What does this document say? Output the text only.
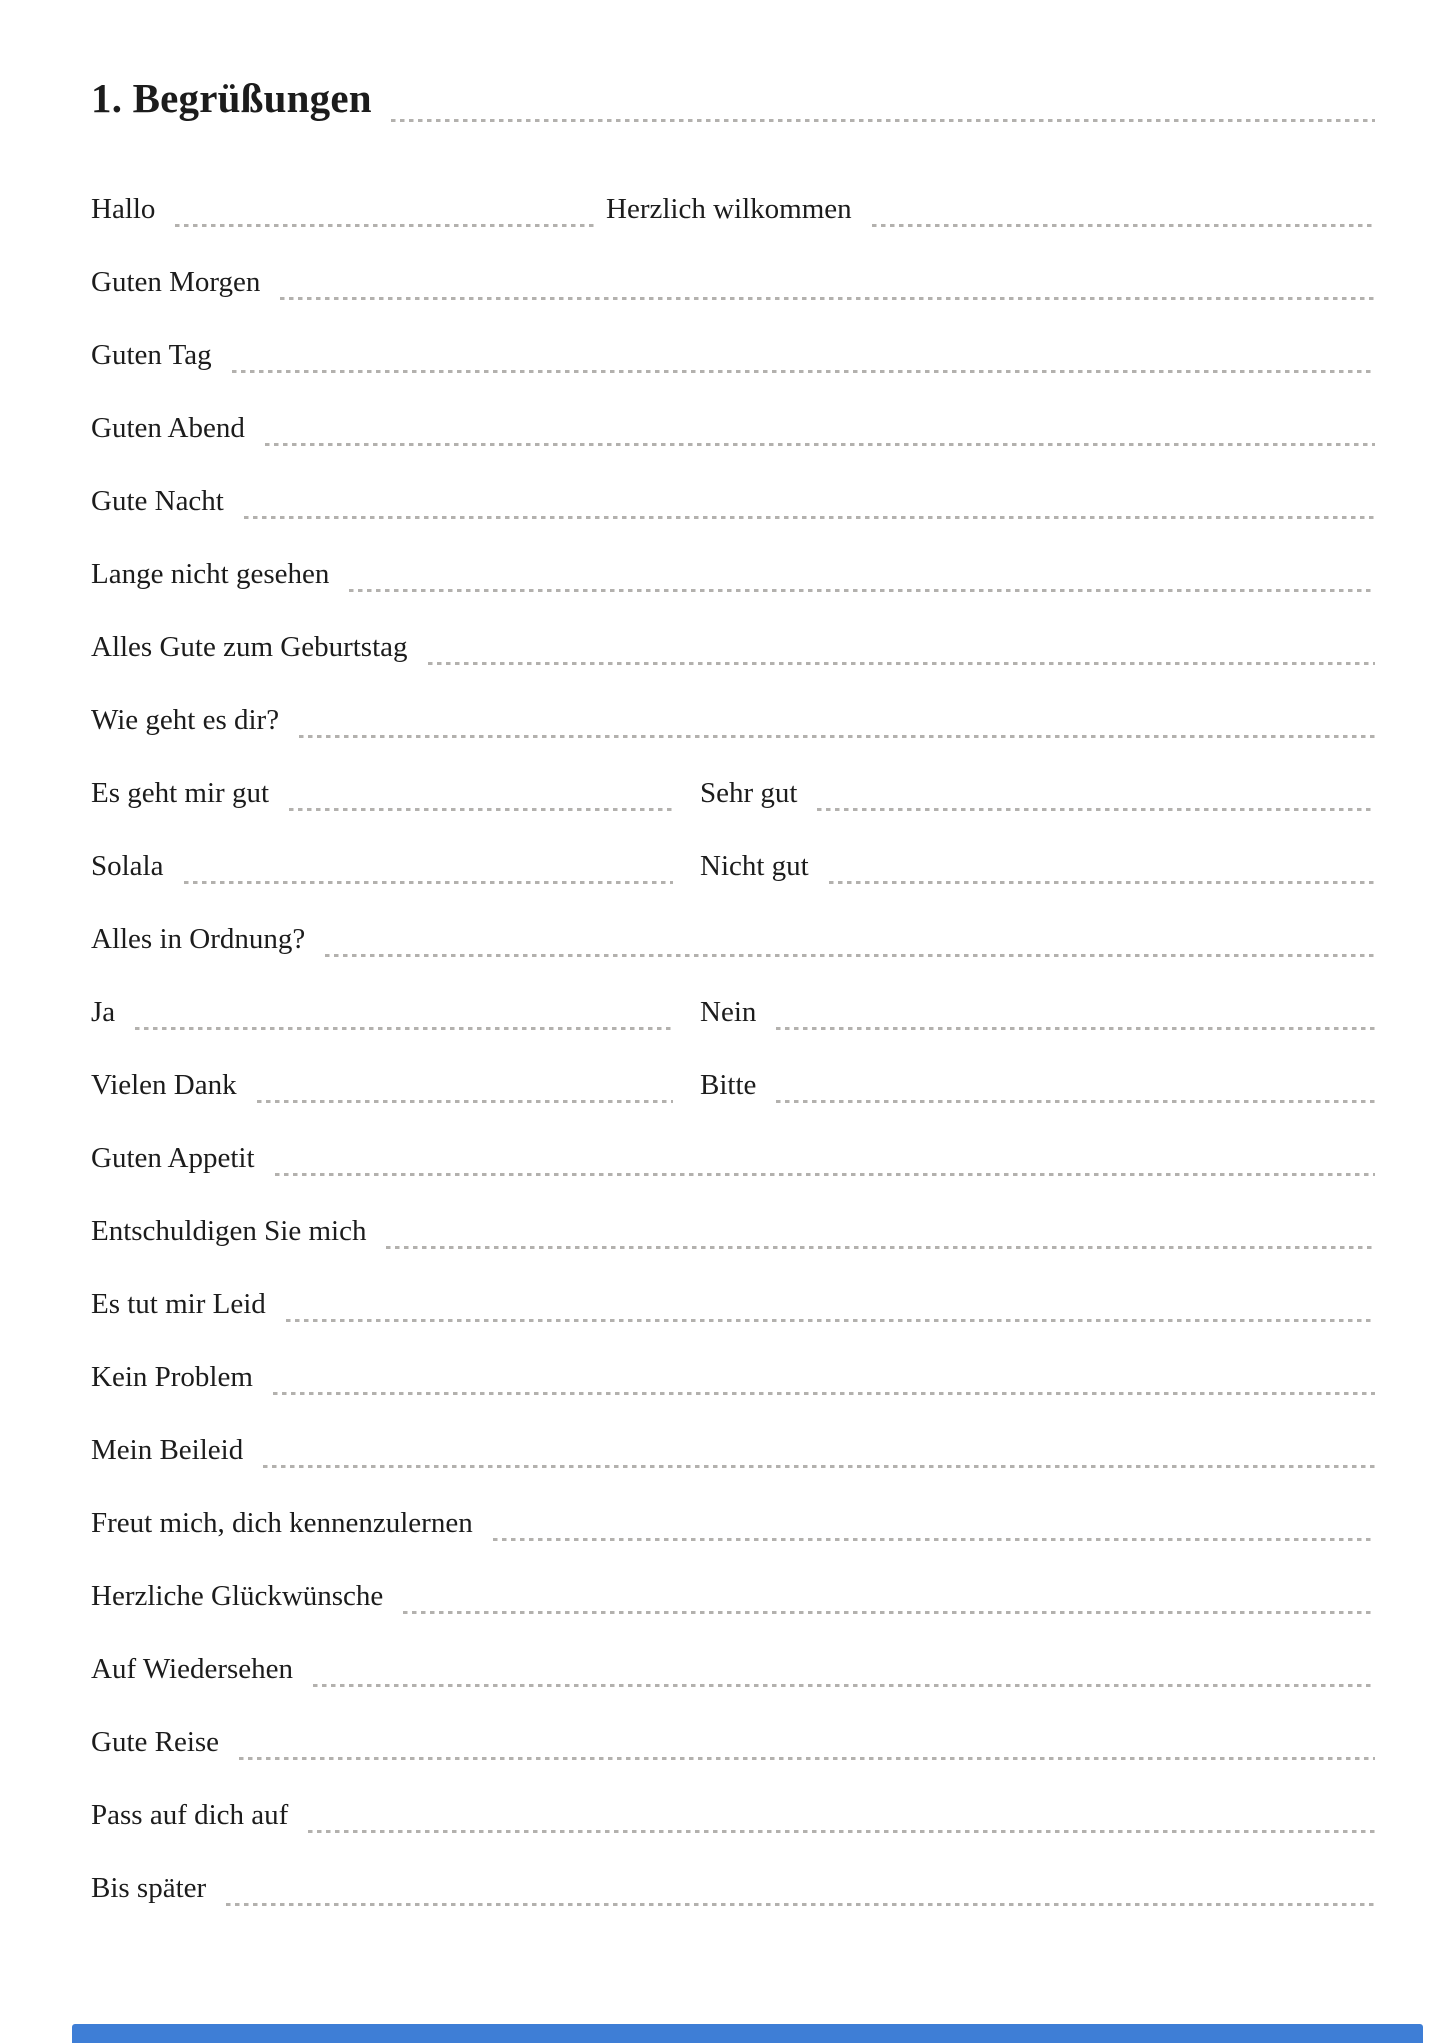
1. Begrüßungen
Hallo	Herzlich wilkommen
Guten Morgen
Guten Tag
Guten Abend
Gute Nacht
Lange nicht gesehen
Alles Gute zum Geburtstag
Wie geht es dir?
Es geht mir gut	Sehr gut
Solala	Nicht gut
Alles in Ordnung?
Ja	Nein
Vielen Dank	Bitte
Guten Appetit
Entschuldigen Sie mich
Es tut mir Leid
Kein Problem
Mein Beileid
Freut mich, dich kennenzulernen
Herzliche Glückwünsche
Auf Wiedersehen
Gute Reise
Pass auf dich auf
Bis später
